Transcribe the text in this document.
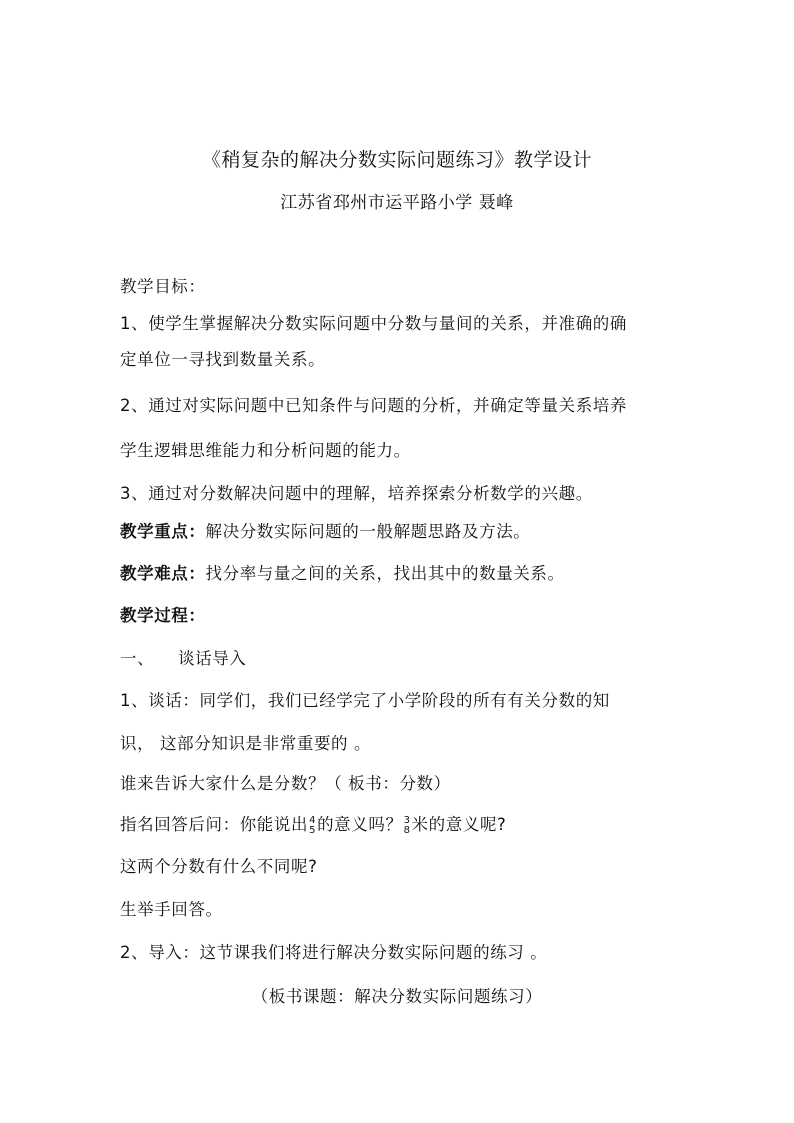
《稍复杂的解决分数实际问题练习》教学设计
江苏省邳州市运平路小学 聂峰
教学目标：
1、使学生掌握解决分数实际问题中分数与量间的关系，并准确的确
定单位一寻找到数量关系。
2、通过对实际问题中已知条件与问题的分析，并确定等量关系培养
学生逻辑思维能力和分析问题的能力。
3、通过对分数解决问题中的理解，培养探索分析数学的兴趣。
教学重点：解决分数实际问题的一般解题思路及方法。
教学难点：找分率与量之间的关系，找出其中的数量关系。
教学过程：
一、 谈话导入
1、谈话：同学们，我们已经学完了小学阶段的所有有关分数的知
识， 这部分知识是非常重要的 。
谁来告诉大家什么是分数？（ 板书：分数）
指名回答后问：你能说出 4
5 的意义吗？ 3
8 米的意义呢?
这两个分数有什么不同呢?
生举手回答。
2、导入：这节课我们将进行解决分数实际问题的练习 。
（板书课题：解决分数实际问题练习）
